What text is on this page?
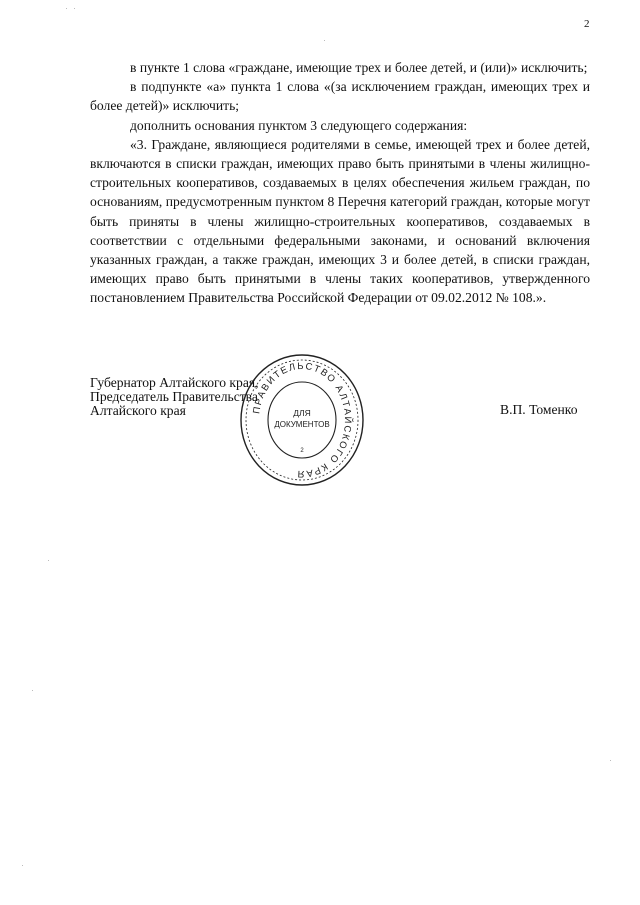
2

в пункте 1 слова «граждане, имеющие трех и более детей, и (или)» исключить;

в подпункте «а» пункта 1 слова «(за исключением граждан, имеющих трех и более детей)» исключить;

дополнить основания пунктом 3 следующего содержания:

«3. Граждане, являющиеся родителями в семье, имеющей трех и более детей, включаются в списки граждан, имеющих право быть принятыми в члены жилищно-строительных кооперативов, создаваемых в целях обеспечения жильем граждан, по основаниям, предусмотренным пунктом 8 Перечня категорий граждан, которые могут быть приняты в члены жилищно-строительных кооперативов, создаваемых в соответствии с отдельными федеральными законами, и оснований включения указанных граждан, а также граждан, имеющих 3 и более детей, в списки граждан, имеющих право быть принятыми в члены таких кооперативов, утвержденного постановлением Правительства Российской Федерации от 09.02.2012 № 108.».

Губернатор Алтайского края,
Председатель Правительства
Алтайского края	В.П. Томенко
ПРАВИТЕЛЬСТВО АЛТАЙСКОГО КРАЯ
ДЛЯ
ДОКУМЕНТОВ
2
